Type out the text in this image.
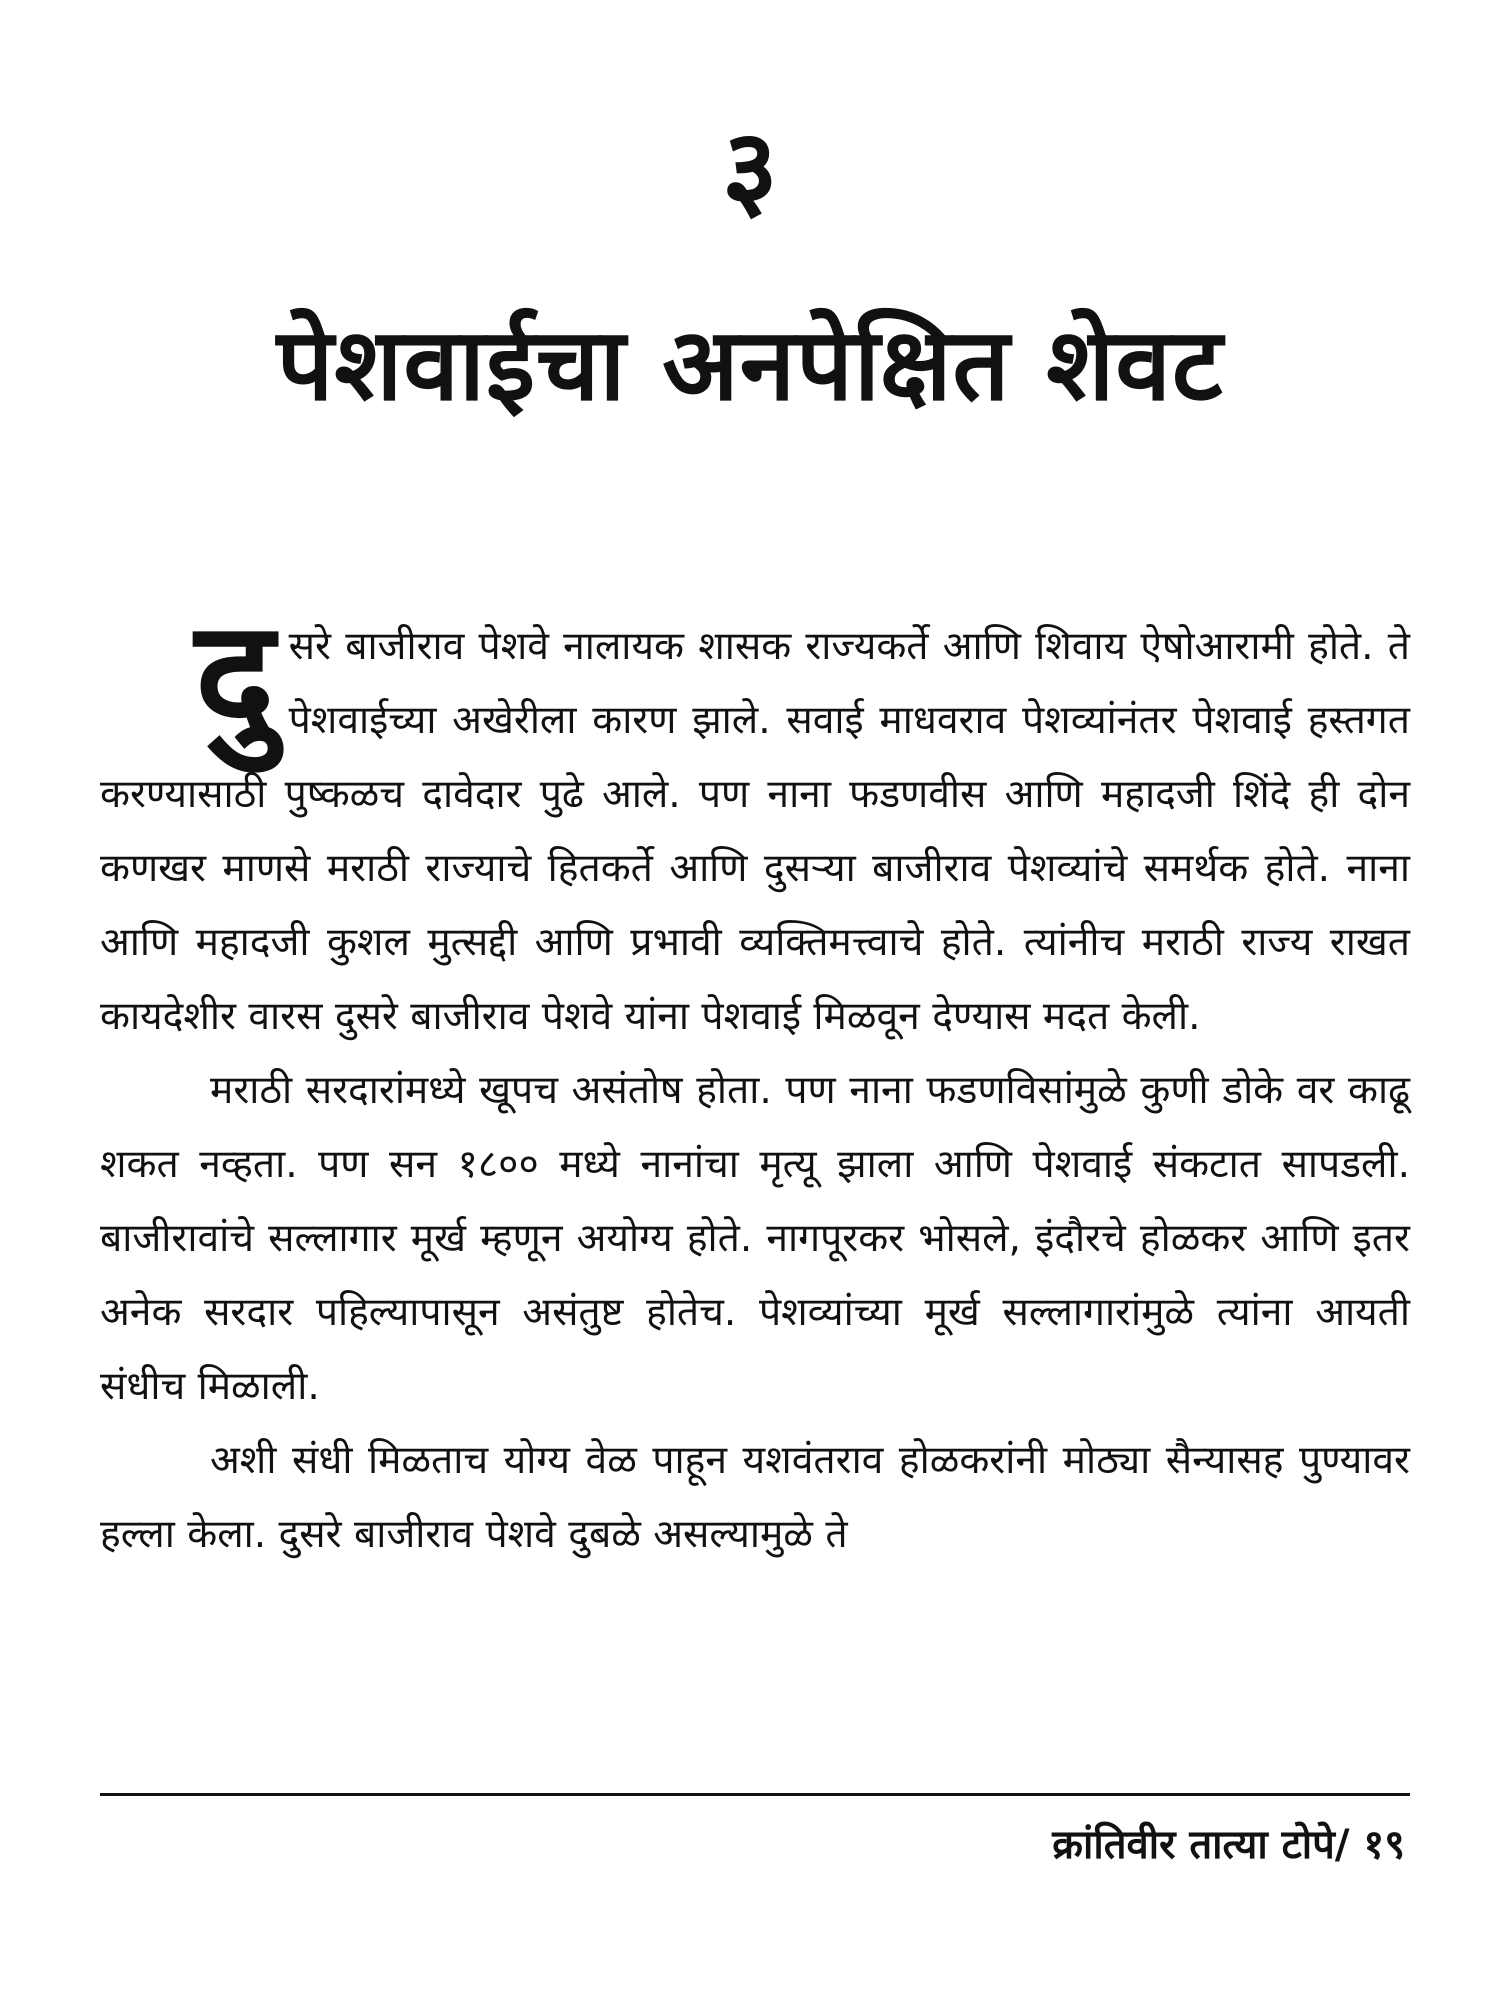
३
पेशवाईचा अनपेक्षित शेवट

दुसरे बाजीराव पेशवे नालायक शासक राज्यकर्ते आणि शिवाय ऐषोआरामी होते. ते पेशवाईच्या अखेरीला कारण झाले. सवाई माधवराव पेशव्यांनंतर पेशवाई हस्तगत करण्यासाठी पुष्कळच दावेदार पुढे आले. पण नाना फडणवीस आणि महादजी शिंदे ही दोन कणखर माणसे मराठी राज्याचे हितकर्ते आणि दुसऱ्या बाजीराव पेशव्यांचे समर्थक होते. नाना आणि महादजी कुशल मुत्सद्दी आणि प्रभावी व्यक्तिमत्त्वाचे होते. त्यांनीच मराठी राज्य राखत कायदेशीर वारस दुसरे बाजीराव पेशवे यांना पेशवाई मिळवून देण्यास मदत केली.

मराठी सरदारांमध्ये खूपच असंतोष होता. पण नाना फडणविसांमुळे कुणी डोके वर काढू शकत नव्हता. पण सन १८०० मध्ये नानांचा मृत्यू झाला आणि पेशवाई संकटात सापडली. बाजीरावांचे सल्लागार मूर्ख म्हणून अयोग्य होते. नागपूरकर भोसले, इंदौरचे होळकर आणि इतर अनेक सरदार पहिल्यापासून असंतुष्ट होतेच. पेशव्यांच्या मूर्ख सल्लागारांमुळे त्यांना आयती संधीच मिळाली.

अशी संधी मिळताच योग्य वेळ पाहून यशवंतराव होळकरांनी मोठ्या सैन्यासह पुण्यावर हल्ला केला. दुसरे बाजीराव पेशवे दुबळे असल्यामुळे ते

क्रांतिवीर तात्या टोपे/ १९
